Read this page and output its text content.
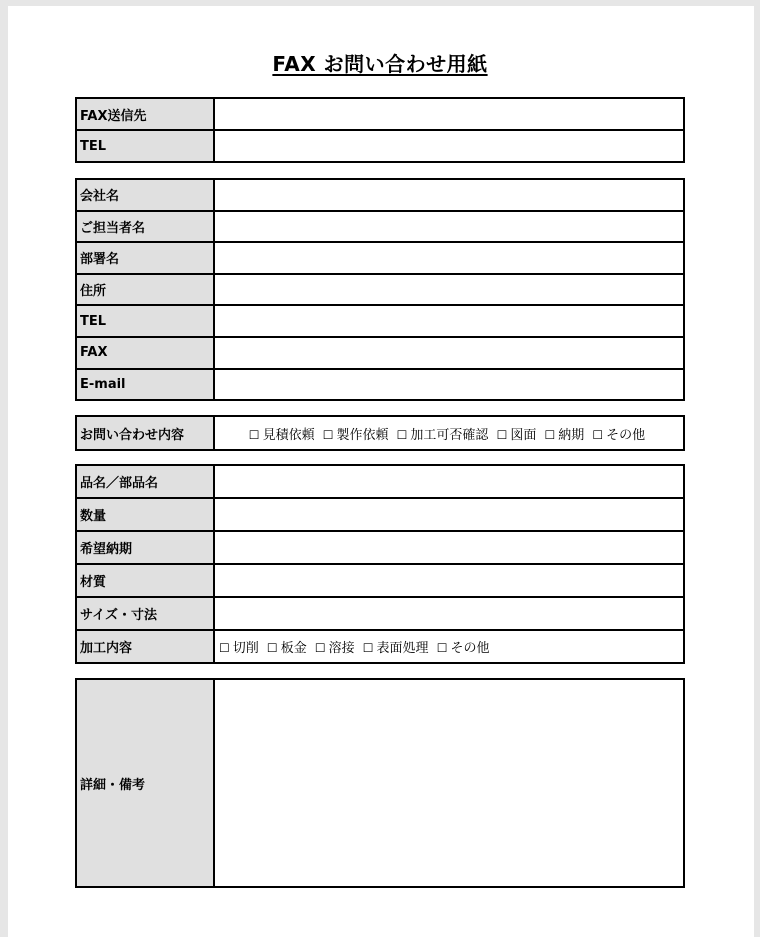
FAX お問い合わせ用紙
FAX送信先	
TEL	
会社名	
ご担当者名	
部署名	
住所	
TEL	
FAX	
E-mail	
お問い合わせ内容	☐ 見積依頼 ☐ 製作依頼 ☐ 加工可否確認 ☐ 図面 ☐ 納期 ☐ その他
品名／部品名	
数量	
希望納期	
材質	
サイズ・寸法	
加工内容	☐ 切削 ☐ 板金 ☐ 溶接 ☐ 表面処理 ☐ その他
詳細・備考	
